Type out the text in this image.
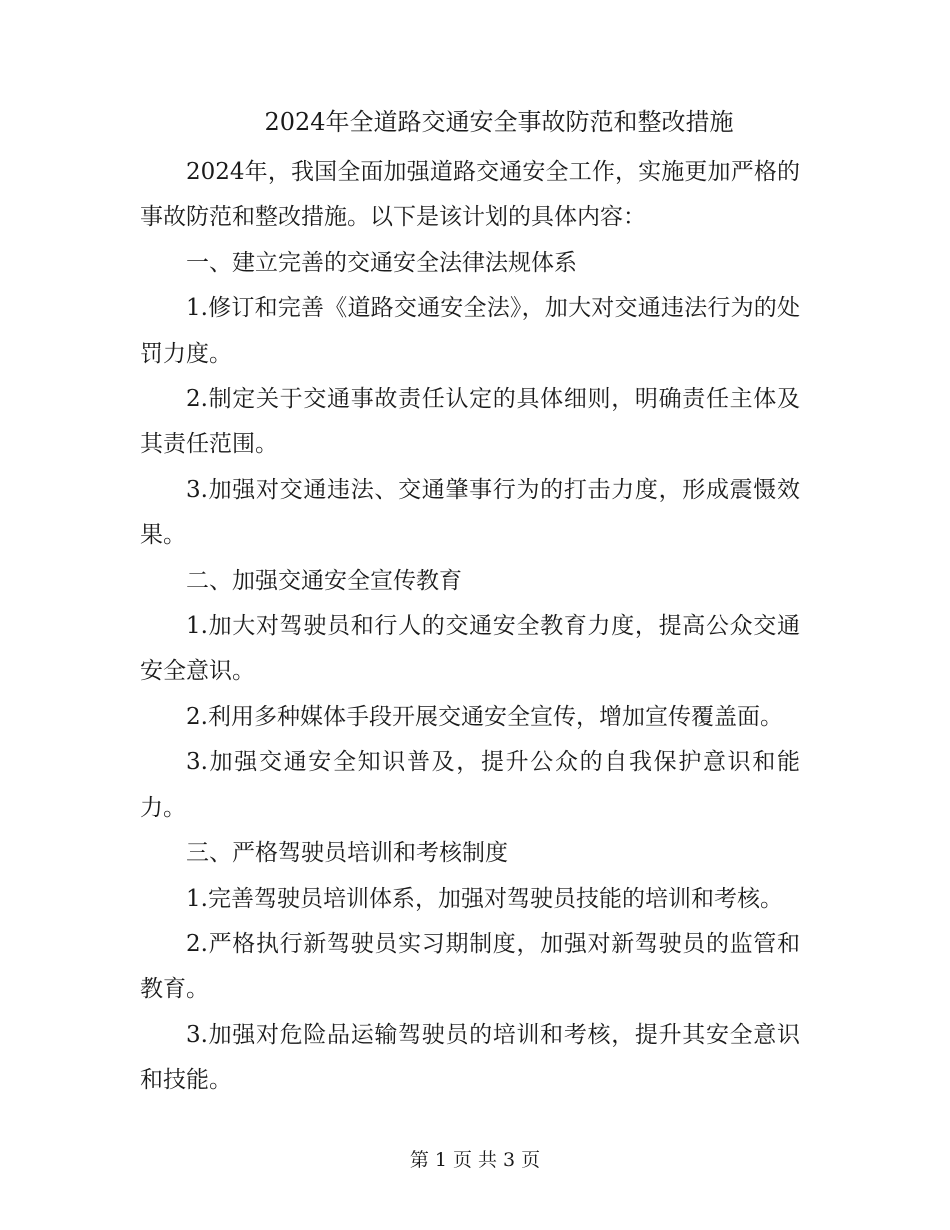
2024年全道路交通安全事故防范和整改措施

2024年，我国全面加强道路交通安全工作，实施更加严格的事故防范和整改措施。以下是该计划的具体内容：

一、建立完善的交通安全法律法规体系

1.修订和完善《道路交通安全法》，加大对交通违法行为的处罚力度。

2.制定关于交通事故责任认定的具体细则，明确责任主体及其责任范围。

3.加强对交通违法、交通肇事行为的打击力度，形成震慑效果。

二、加强交通安全宣传教育

1.加大对驾驶员和行人的交通安全教育力度，提高公众交通安全意识。

2.利用多种媒体手段开展交通安全宣传，增加宣传覆盖面。

3.加强交通安全知识普及，提升公众的自我保护意识和能力。

三、严格驾驶员培训和考核制度

1.完善驾驶员培训体系，加强对驾驶员技能的培训和考核。

2.严格执行新驾驶员实习期制度，加强对新驾驶员的监管和教育。

3.加强对危险品运输驾驶员的培训和考核，提升其安全意识和技能。

第 1 页 共 3 页
